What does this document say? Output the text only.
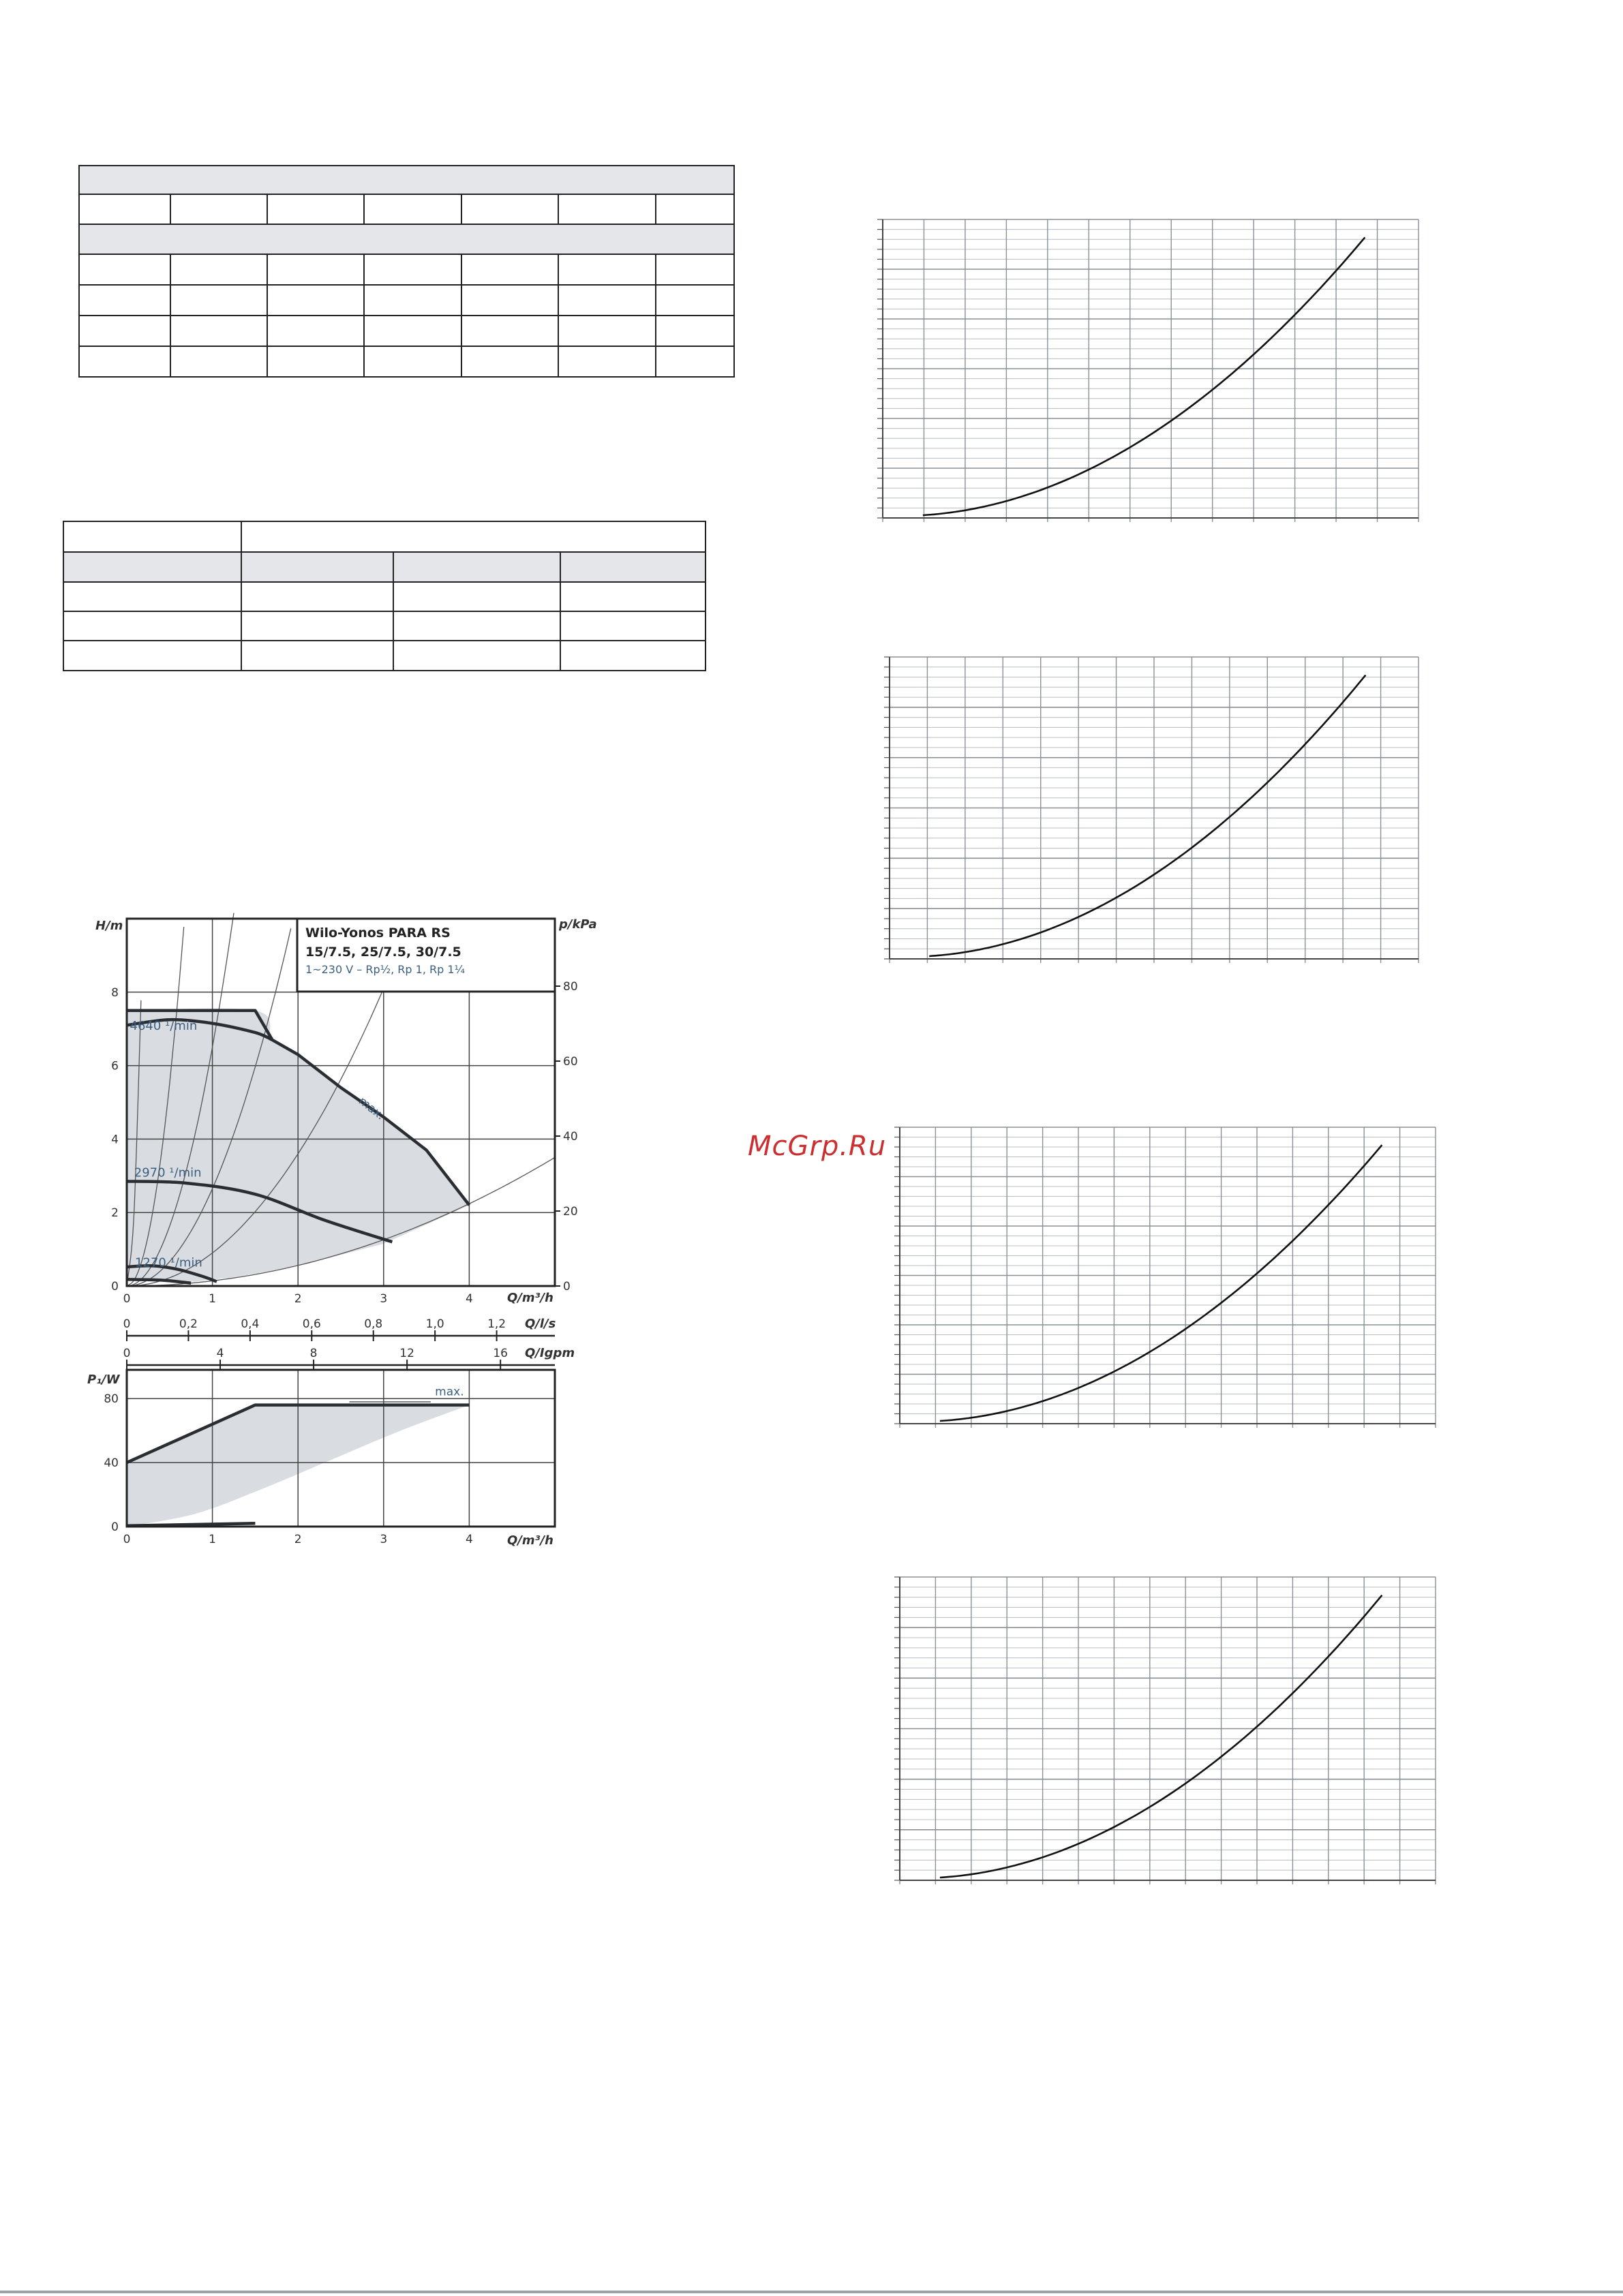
Wilo-Yonos PARA RS
15/7.5, 25/7.5, 30/7.5
1~230 V – Rp½, Rp 1, Rp 1¼
H/m	p/kPa
Q/m³/h
0	1	2	3	4
0
2
4
6
8
0
20
40
60
80
4640 ¹/min
2970 ¹/min
1270 ¹/min
max.
0	0,2	0,4	0,6	0,8	1,0	1,2 Q/l/s
0	4	8	12	16 Q/Igpm
P₁/W
Q/m³/h
0	1	2	3	4
0
40
80
max.
McGrp.Ru
